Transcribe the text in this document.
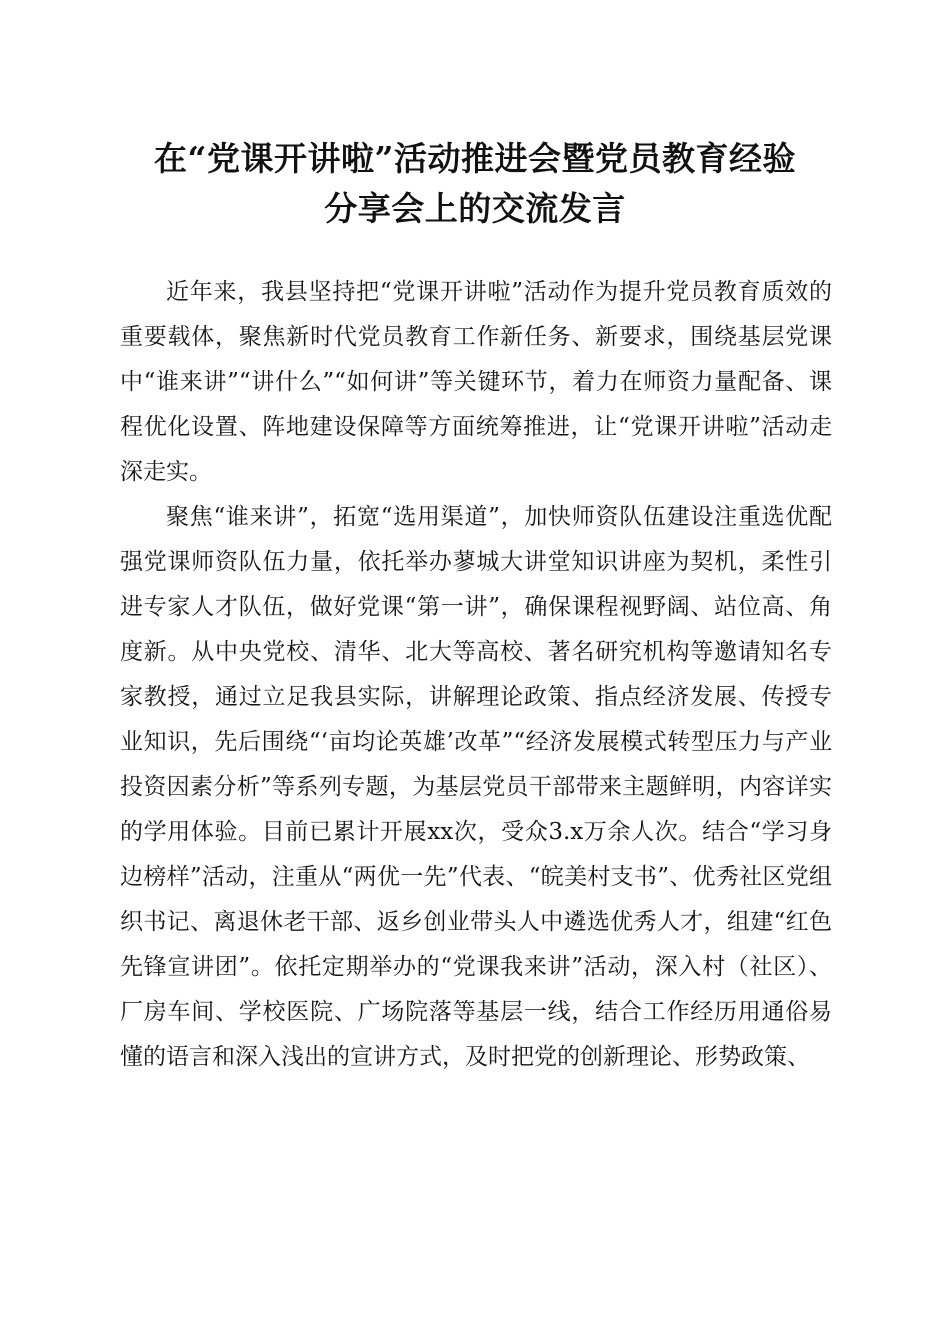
在“党课开讲啦”活动推进会暨党员教育经验
分享会上的交流发言

近年来，我县坚持把“党课开讲啦”活动作为提升党员教育质效的重要载体，聚焦新时代党员教育工作新任务、新要求，围绕基层党课中“谁来讲”“讲什么”“如何讲”等关键环节，着力在师资力量配备、课程优化设置、阵地建设保障等方面统筹推进，让“党课开讲啦”活动走深走实。

聚焦“谁来讲”，拓宽“选用渠道”，加快师资队伍建设注重选优配强党课师资队伍力量，依托举办蓼城大讲堂知识讲座为契机，柔性引进专家人才队伍，做好党课“第一讲”，确保课程视野阔、站位高、角度新。从中央党校、清华、北大等高校、著名研究机构等邀请知名专家教授，通过立足我县实际，讲解理论政策、指点经济发展、传授专业知识，先后围绕“‘亩均论英雄’改革”“经济发展模式转型压力与产业投资因素分析”等系列专题，为基层党员干部带来主题鲜明，内容详实的学用体验。目前已累计开展xx次，受众3.x万余人次。结合“学习身边榜样”活动，注重从“两优一先”代表、“皖美村支书”、优秀社区党组织书记、离退休老干部、返乡创业带头人中遴选优秀人才，组建“红色先锋宣讲团”。依托定期举办的“党课我来讲”活动，深入村（社区）、厂房车间、学校医院、广场院落等基层一线，结合工作经历用通俗易懂的语言和深入浅出的宣讲方式，及时把党的创新理论、形势政策、
